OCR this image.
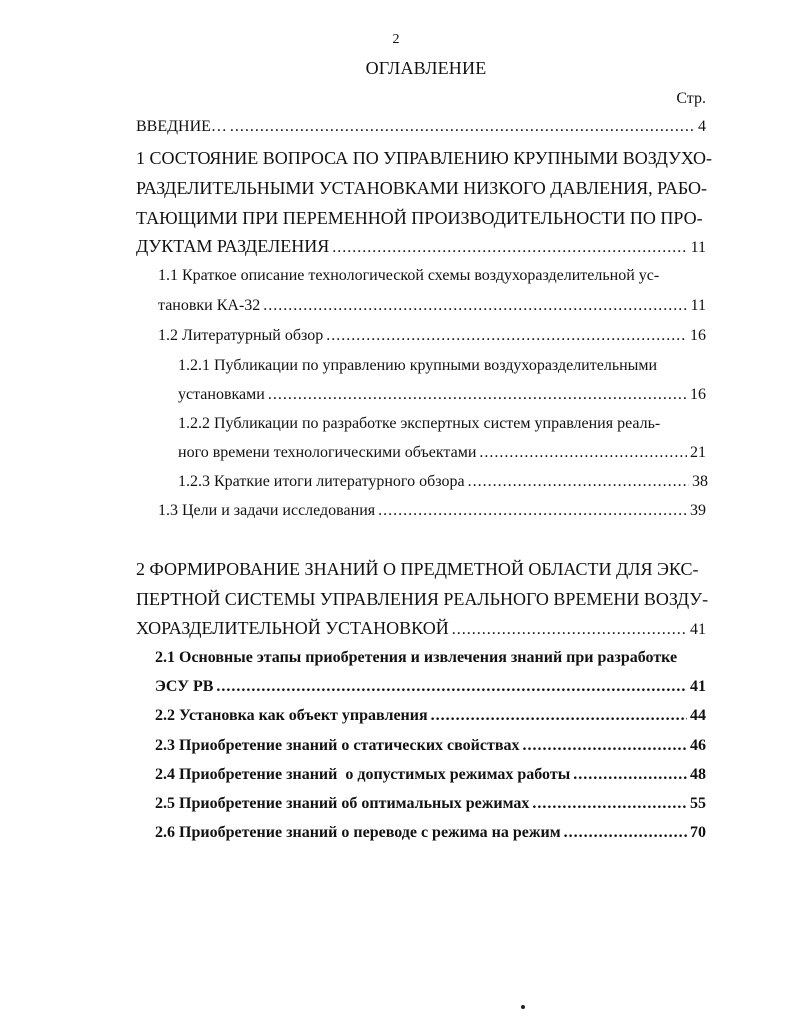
2
ОГЛАВЛЕНИЕ
Стр.
ВВЕДНИЕ… .....	4
1 СОСТОЯНИЕ ВОПРОСА ПО УПРАВЛЕНИЮ КРУПНЫМИ ВОЗДУХО-
РАЗДЕЛИТЕЛЬНЫМИ УСТАНОВКАМИ НИЗКОГО ДАВЛЕНИЯ, РАБО-
ТАЮЩИМИ ПРИ ПЕРЕМЕННОЙ ПРОИЗВОДИТЕЛЬНОСТИ ПО ПРО-
ДУКТАМ РАЗДЕЛЕНИЯ .....	11
1.1 Краткое описание технологической схемы воздухоразделительной ус-
тановки КА-32 .....	11
1.2 Литературный обзор .....	16
1.2.1 Публикации по управлению крупными воздухоразделительными
установками .....	16
1.2.2 Публикации по разработке экспертных систем управления реаль-
ного времени технологическими объектами .....	21
1.2.3 Краткие итоги литературного обзора .....	38
1.3 Цели и задачи исследования .....	39
2 ФОРМИРОВАНИЕ ЗНАНИЙ О ПРЕДМЕТНОЙ ОБЛАСТИ ДЛЯ ЭКС-
ПЕРТНОЙ СИСТЕМЫ УПРАВЛЕНИЯ РЕАЛЬНОГО ВРЕМЕНИ ВОЗДУ-
ХОРАЗДЕЛИТЕЛЬНОЙ УСТАНОВКОЙ .....	41
2.1 Основные этапы приобретения и извлечения знаний при разработке
ЭСУ РВ .....	41
2.2 Установка как объект управления .....	44
2.3 Приобретение знаний о статических свойствах .....	46
2.4 Приобретение знаний  о допустимых режимах работы .....	48
2.5 Приобретение знаний об оптимальных режимах .....	55
2.6 Приобретение знаний о переводе с режима на режим .....	70
